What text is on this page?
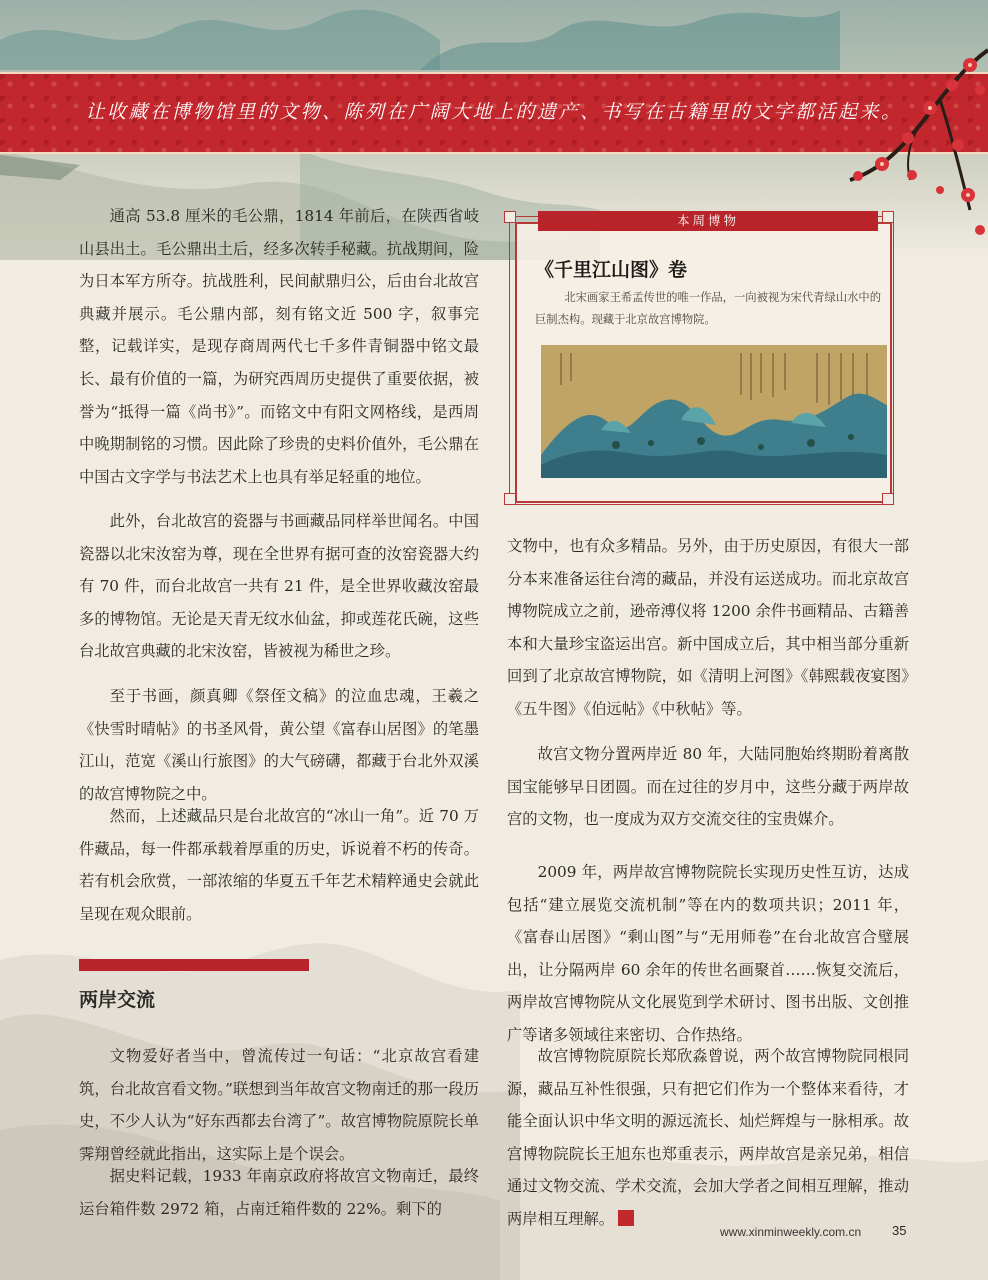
让收藏在博物馆里的文物、陈列在广阔大地上的遗产、书写在古籍里的文字都活起来。

通高 53.8 厘米的毛公鼎，1814 年前后，在陕西省岐山县出土。毛公鼎出土后，经多次转手秘藏。抗战期间，险为日本军方所夺。抗战胜利，民间献鼎归公，后由台北故宫典藏并展示。毛公鼎内部，刻有铭文近 500 字，叙事完整，记载详实，是现存商周两代七千多件青铜器中铭文最长、最有价值的一篇，为研究西周历史提供了重要依据，被誉为“抵得一篇《尚书》”。而铭文中有阳文网格线，是西周中晚期制铭的习惯。因此除了珍贵的史料价值外，毛公鼎在中国古文字学与书法艺术上也具有举足轻重的地位。

此外，台北故宫的瓷器与书画藏品同样举世闻名。中国瓷器以北宋汝窑为尊，现在全世界有据可查的汝窑瓷器大约有 70 件，而台北故宫一共有 21 件，是全世界收藏汝窑最多的博物馆。无论是天青无纹水仙盆，抑或莲花氏碗，这些台北故宫典藏的北宋汝窑，皆被视为稀世之珍。

至于书画，颜真卿《祭侄文稿》的泣血忠魂，王羲之《快雪时晴帖》的书圣风骨，黄公望《富春山居图》的笔墨江山，范宽《溪山行旅图》的大气磅礴，都藏于台北外双溪的故宫博物院之中。

然而，上述藏品只是台北故宫的“冰山一角”。近 70 万件藏品，每一件都承载着厚重的历史，诉说着不朽的传奇。若有机会欣赏，一部浓缩的华夏五千年艺术精粹通史会就此呈现在观众眼前。

两岸交流

文物爱好者当中，曾流传过一句话：“北京故宫看建筑，台北故宫看文物。”联想到当年故宫文物南迁的那一段历史，不少人认为“好东西都去台湾了”。故宫博物院原院长单霁翔曾经就此指出，这实际上是个误会。

据史料记载，1933 年南京政府将故宫文物南迁，最终运台箱件数 2972 箱，占南迁箱件数的 22%。剩下的

本周博物
《千里江山图》卷

北宋画家王希孟传世的唯一作品，一向被视为宋代青绿山水中的巨制杰构。现藏于北京故宫博物院。

文物中，也有众多精品。另外，由于历史原因，有很大一部分本来准备运往台湾的藏品，并没有运送成功。而北京故宫博物院成立之前，逊帝溥仪将 1200 余件书画精品、古籍善本和大量珍宝盗运出宫。新中国成立后，其中相当部分重新回到了北京故宫博物院，如《清明上河图》《韩熙载夜宴图》《五牛图》《伯远帖》《中秋帖》等。

故宫文物分置两岸近 80 年，大陆同胞始终期盼着离散国宝能够早日团圆。而在过往的岁月中，这些分藏于两岸故宫的文物，也一度成为双方交流交往的宝贵媒介。

2009 年，两岸故宫博物院院长实现历史性互访，达成包括“建立展览交流机制”等在内的数项共识；2011 年，《富春山居图》“剩山图”与“无用师卷”在台北故宫合璧展出，让分隔两岸 60 余年的传世名画聚首……恢复交流后，两岸故宫博物院从文化展览到学术研讨、图书出版、文创推广等诸多领域往来密切、合作热络。

故宫博物院原院长郑欣淼曾说，两个故宫博物院同根同源，藏品互补性很强，只有把它们作为一个整体来看待，才能全面认识中华文明的源远流长、灿烂辉煌与一脉相承。故宫博物院院长王旭东也郑重表示，两岸故宫是亲兄弟，相信通过文物交流、学术交流，会加大学者之间相互理解，推动两岸相互理解。

www.xinminweekly.com.cn 35
